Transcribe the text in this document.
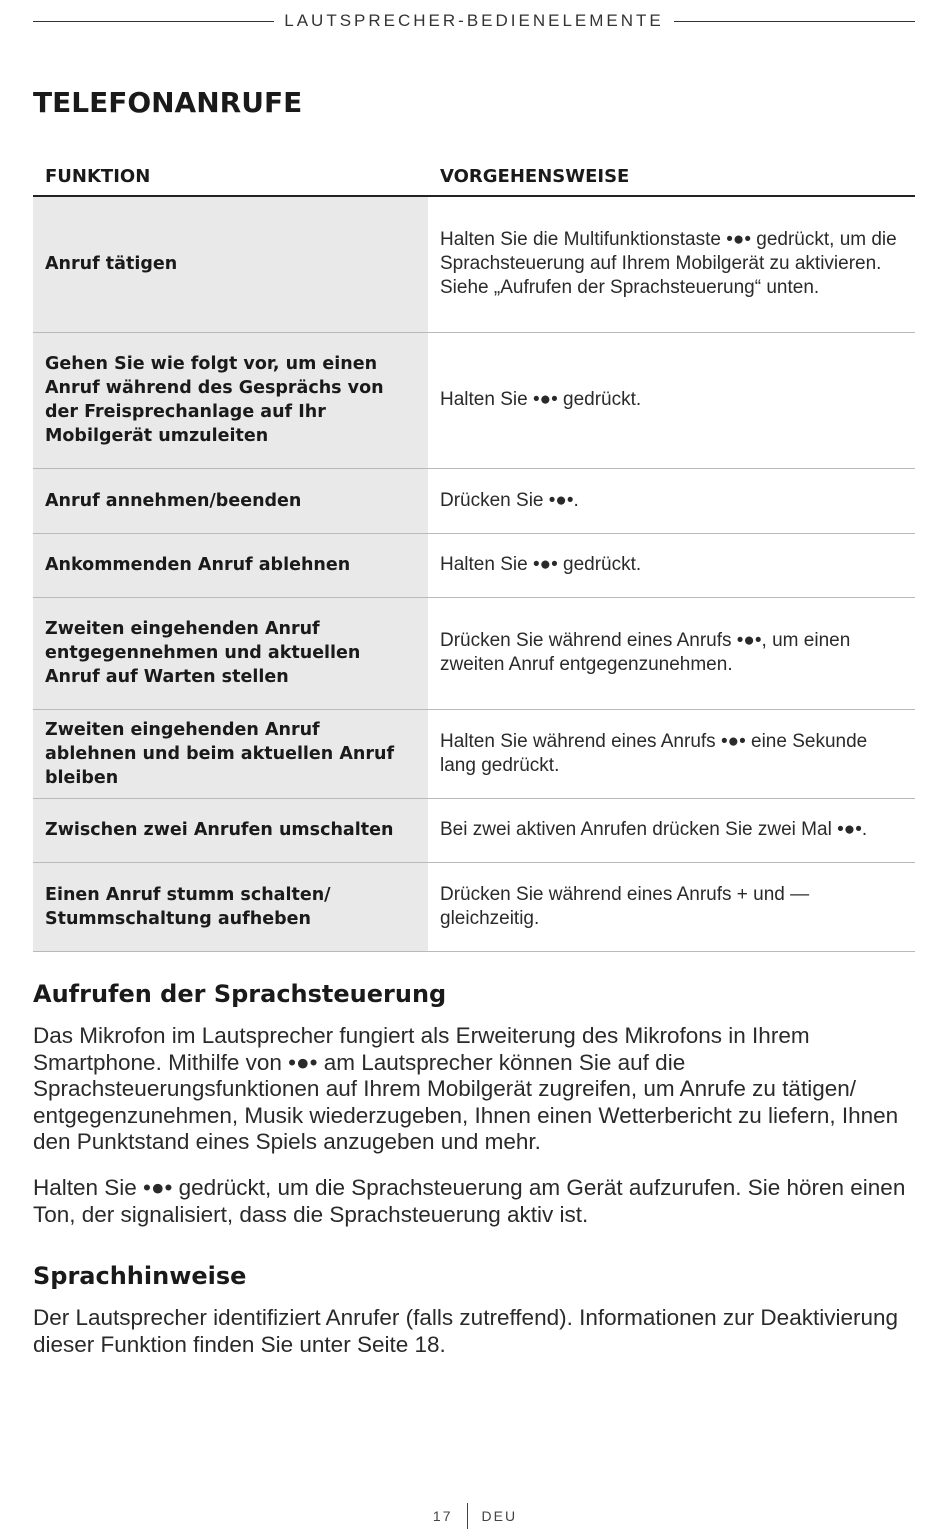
LAUTSPRECHER-BEDIENELEMENTE
TELEFONANRUFE
FUNKTION	VORGEHENSWEISE
Anruf tätigen	Halten Sie die Multifunktionstaste •●• gedrückt, um die Sprachsteuerung auf Ihrem Mobilgerät zu aktivieren. Siehe „Aufrufen der Sprachsteuerung“ unten.
Gehen Sie wie folgt vor, um einen Anruf während des Gesprächs von der Freisprechanlage auf Ihr Mobilgerät umzuleiten	Halten Sie •●• gedrückt.
Anruf annehmen/beenden	Drücken Sie •●•.
Ankommenden Anruf ablehnen	Halten Sie •●• gedrückt.
Zweiten eingehenden Anruf entgegennehmen und aktuellen Anruf auf Warten stellen	Drücken Sie während eines Anrufs •●•, um einen zweiten Anruf entgegenzunehmen.
Zweiten eingehenden Anruf ablehnen und beim aktuellen Anruf bleiben	Halten Sie während eines Anrufs •●• eine Sekunde lang gedrückt.
Zwischen zwei Anrufen umschalten	Bei zwei aktiven Anrufen drücken Sie zwei Mal •●•.
Einen Anruf stumm schalten/ Stummschaltung aufheben	Drücken Sie während eines Anrufs + und — gleichzeitig.
Aufrufen der Sprachsteuerung

Das Mikrofon im Lautsprecher fungiert als Erweiterung des Mikrofons in Ihrem Smartphone. Mithilfe von •●• am Lautsprecher können Sie auf die Sprachsteuerungsfunktionen auf Ihrem Mobilgerät zugreifen, um Anrufe zu tätigen/ entgegenzunehmen, Musik wiederzugeben, Ihnen einen Wetterbericht zu liefern, Ihnen den Punktstand eines Spiels anzugeben und mehr.

Halten Sie •●• gedrückt, um die Sprachsteuerung am Gerät aufzurufen. Sie hören einen Ton, der signalisiert, dass die Sprachsteuerung aktiv ist.

Sprachhinweise

Der Lautsprecher identifiziert Anrufer (falls zutreffend). Informationen zur Deaktivierung dieser Funktion finden Sie unter Seite 18.

17 DEU
